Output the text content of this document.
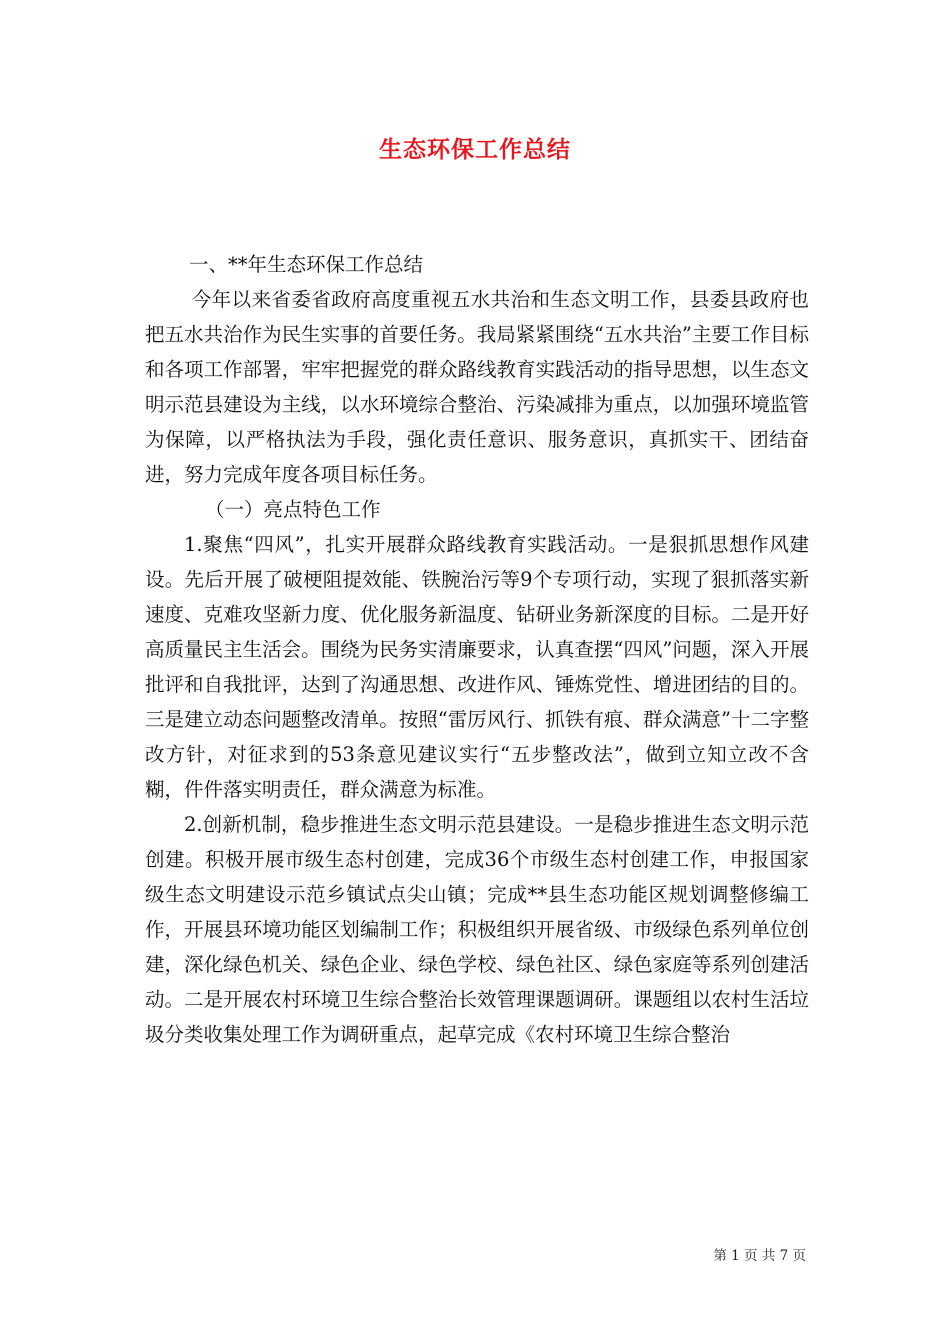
生态环保工作总结

一、**年生态环保工作总结

今年以来省委省政府高度重视五水共治和生态文明工作，县委县政府也把五水共治作为民生实事的首要任务。我局紧紧围绕“五水共治”主要工作目标和各项工作部署，牢牢把握党的群众路线教育实践活动的指导思想，以生态文明示范县建设为主线，以水环境综合整治、污染减排为重点，以加强环境监管为保障，以严格执法为手段，强化责任意识、服务意识，真抓实干、团结奋进，努力完成年度各项目标任务。

（一）亮点特色工作

1.聚焦“四风”，扎实开展群众路线教育实践活动。一是狠抓思想作风建设。先后开展了破梗阻提效能、铁腕治污等9个专项行动，实现了狠抓落实新速度、克难攻坚新力度、优化服务新温度、钻研业务新深度的目标。二是开好高质量民主生活会。围绕为民务实清廉要求，认真查摆“四风”问题，深入开展批评和自我批评，达到了沟通思想、改进作风、锤炼党性、增进团结的目的。三是建立动态问题整改清单。按照“雷厉风行、抓铁有痕、群众满意”十二字整改方针，对征求到的53条意见建议实行“五步整改法”，做到立知立改不含糊，件件落实明责任，群众满意为标准。

2.创新机制，稳步推进生态文明示范县建设。一是稳步推进生态文明示范创建。积极开展市级生态村创建，完成36个市级生态村创建工作，申报国家级生态文明建设示范乡镇试点尖山镇；完成**县生态功能区规划调整修编工作，开展县环境功能区划编制工作；积极组织开展省级、市级绿色系列单位创建，深化绿色机关、绿色企业、绿色学校、绿色社区、绿色家庭等系列创建活动。二是开展农村环境卫生综合整治长效管理课题调研。课题组以农村生活垃圾分类收集处理工作为调研重点，起草完成《农村环境卫生综合整治

第 1 页 共 7 页
